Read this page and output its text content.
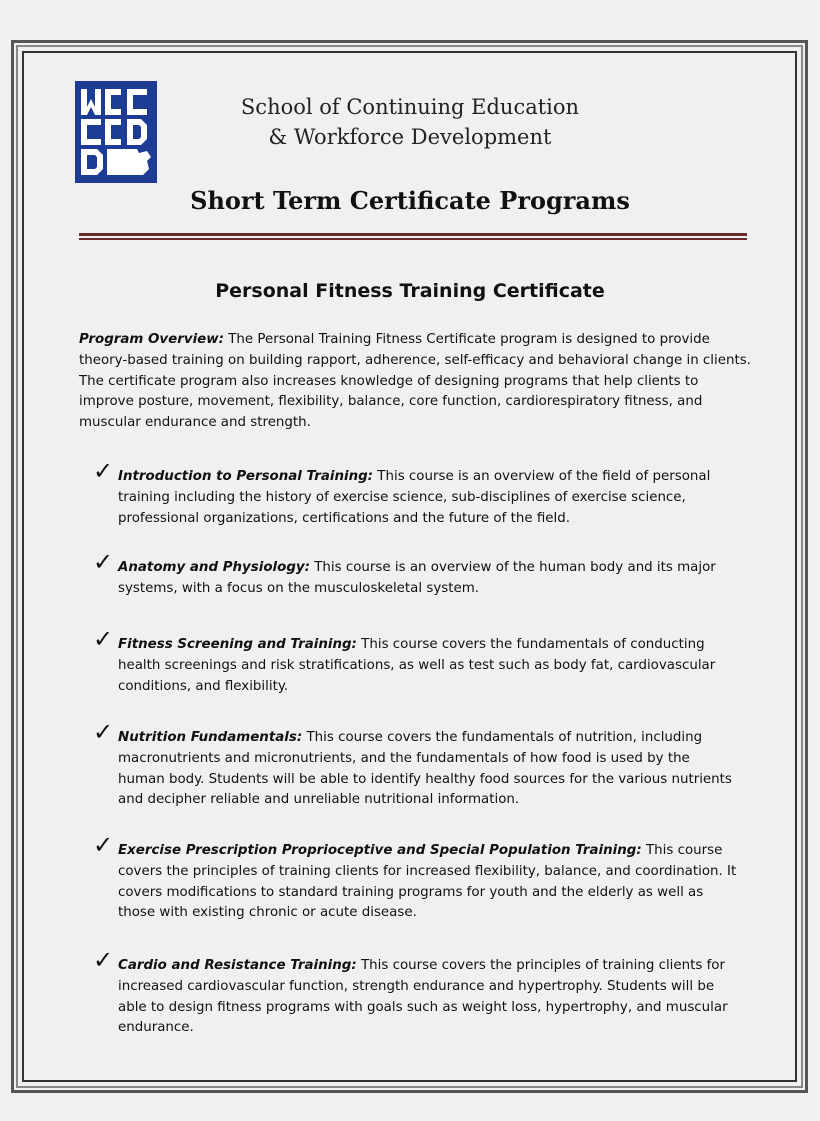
School of Continuing Education
& Workforce Development
Short Term Certificate Programs
Personal Fitness Training Certificate
Program Overview: The Personal Training Fitness Certificate program is designed to provide theory-based training on building rapport, adherence, self-efficacy and behavioral change in clients. The certificate program also increases knowledge of designing programs that help clients to improve posture, movement, flexibility, balance, core function, cardiorespiratory fitness, and muscular endurance and strength.
✓ Introduction to Personal Training: This course is an overview of the field of personal training including the history of exercise science, sub-disciplines of exercise science, professional organizations, certifications and the future of the field.
✓ Anatomy and Physiology: This course is an overview of the human body and its major systems, with a focus on the musculoskeletal system.
✓ Fitness Screening and Training: This course covers the fundamentals of conducting health screenings and risk stratifications, as well as test such as body fat, cardiovascular conditions, and flexibility.
✓ Nutrition Fundamentals: This course covers the fundamentals of nutrition, including macronutrients and micronutrients, and the fundamentals of how food is used by the human body. Students will be able to identify healthy food sources for the various nutrients and decipher reliable and unreliable nutritional information.
✓ Exercise Prescription Proprioceptive and Special Population Training: This course covers the principles of training clients for increased flexibility, balance, and coordination. It covers modifications to standard training programs for youth and the elderly as well as those with existing chronic or acute disease.
✓ Cardio and Resistance Training: This course covers the principles of training clients for increased cardiovascular function, strength endurance and hypertrophy. Students will be able to design fitness programs with goals such as weight loss, hypertrophy, and muscular endurance.
